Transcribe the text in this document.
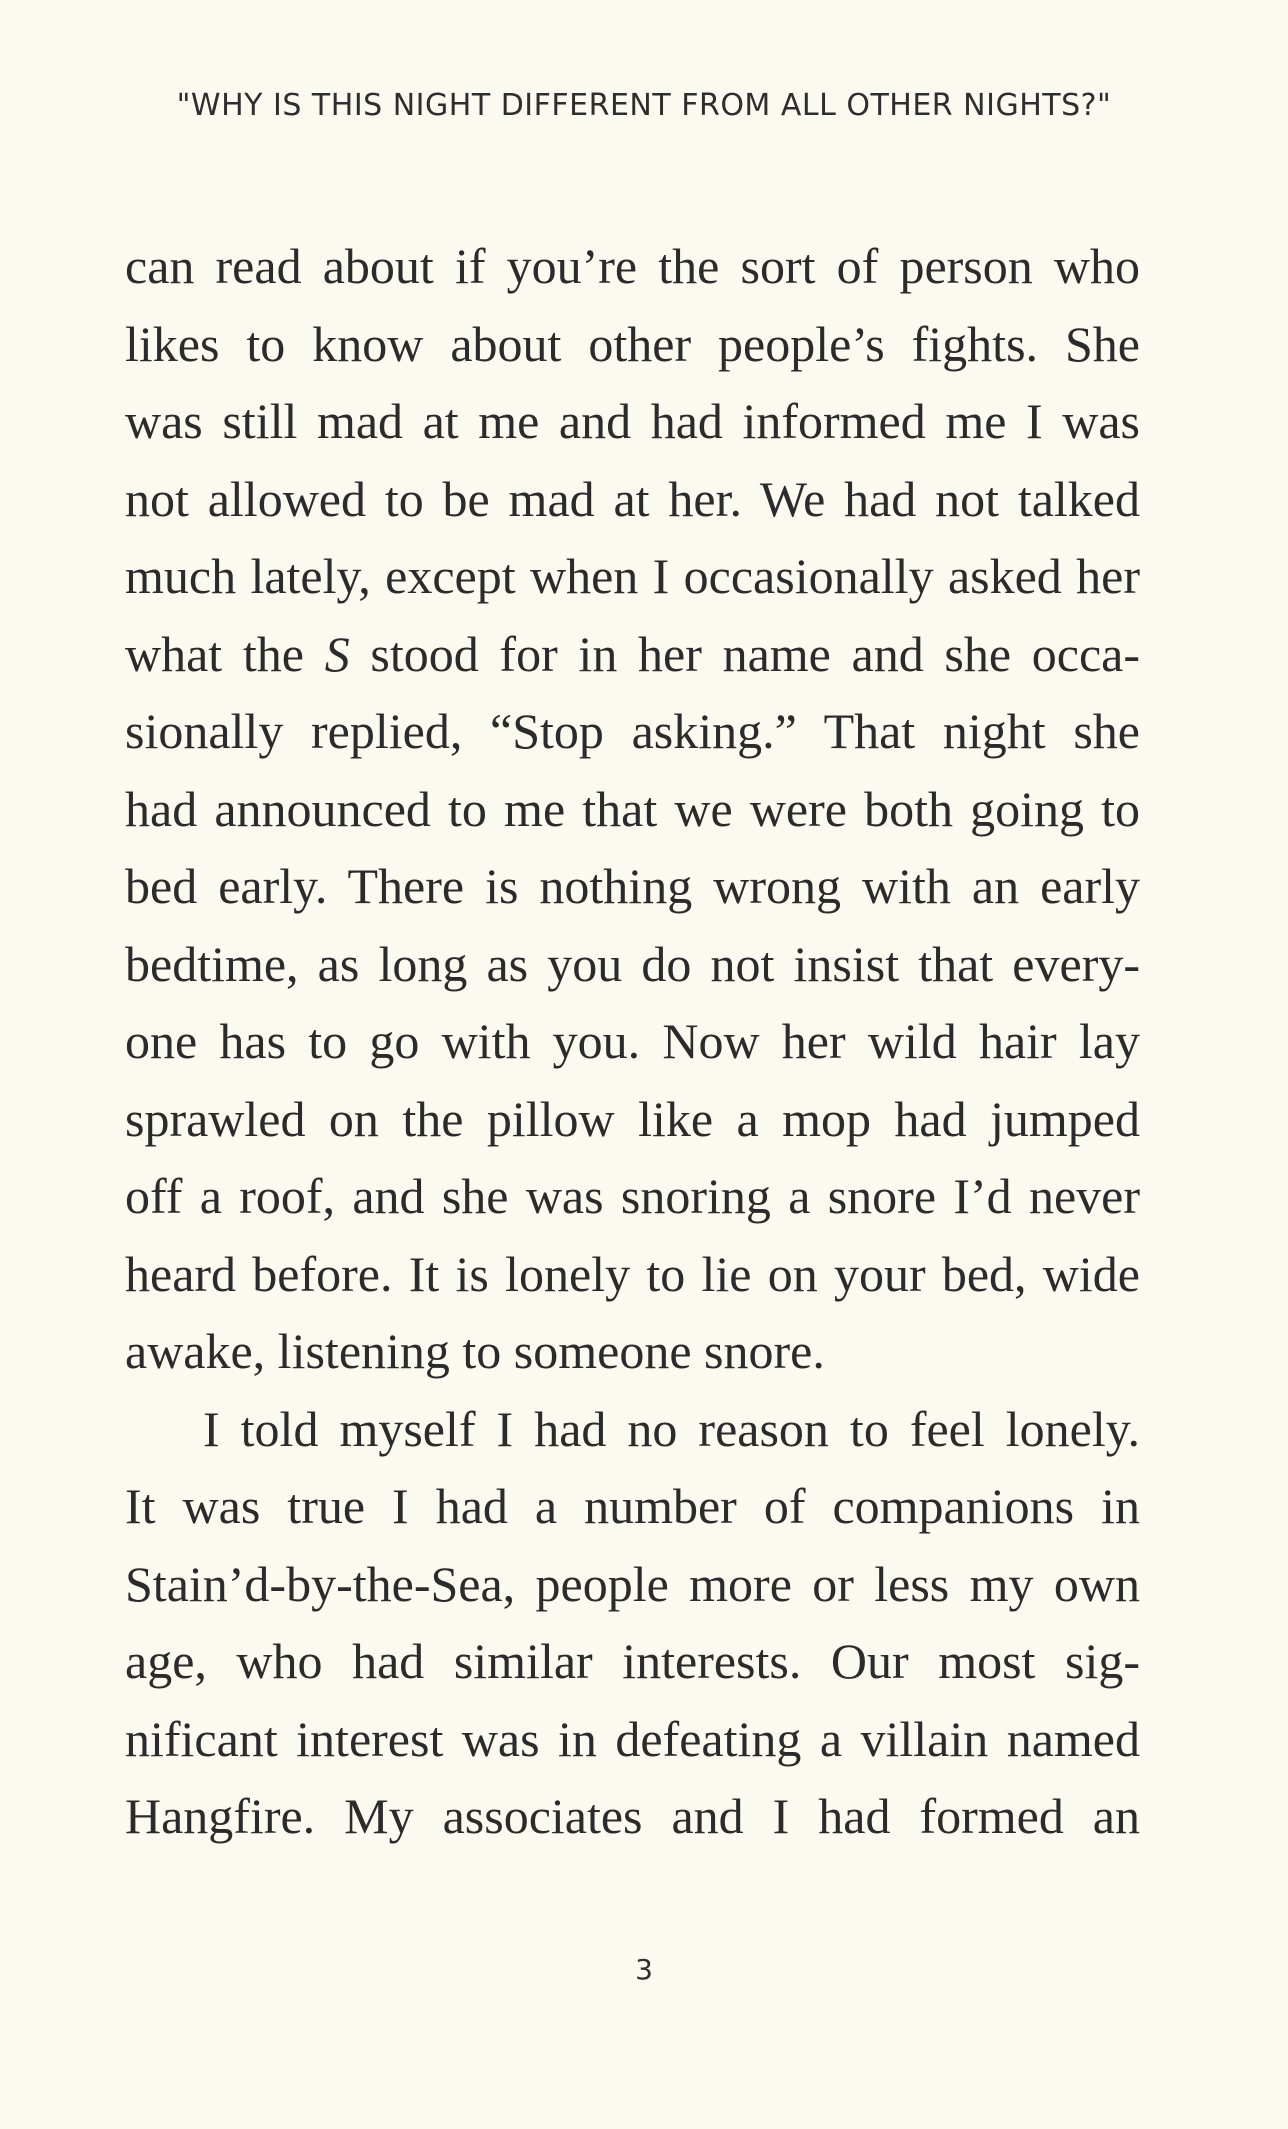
"WHY IS THIS NIGHT DIFFERENT FROM ALL OTHER NIGHTS?"
can read about if you’re the sort of person who
likes to know about other people’s fights. She
was still mad at me and had informed me I was
not allowed to be mad at her. We had not talked
much lately, except when I occasionally asked her
what the S stood for in her name and she occa-
sionally replied, “Stop asking.” That night she
had announced to me that we were both going to
bed early. There is nothing wrong with an early
bedtime, as long as you do not insist that every-
one has to go with you. Now her wild hair lay
sprawled on the pillow like a mop had jumped
off a roof, and she was snoring a snore I’d never
heard before. It is lonely to lie on your bed, wide
awake, listening to someone snore.
I told myself I had no reason to feel lonely.
It was true I had a number of companions in
Stain’d-by-the-Sea, people more or less my own
age, who had similar interests. Our most sig-
nificant interest was in defeating a villain named
Hangfire. My associates and I had formed an
3
